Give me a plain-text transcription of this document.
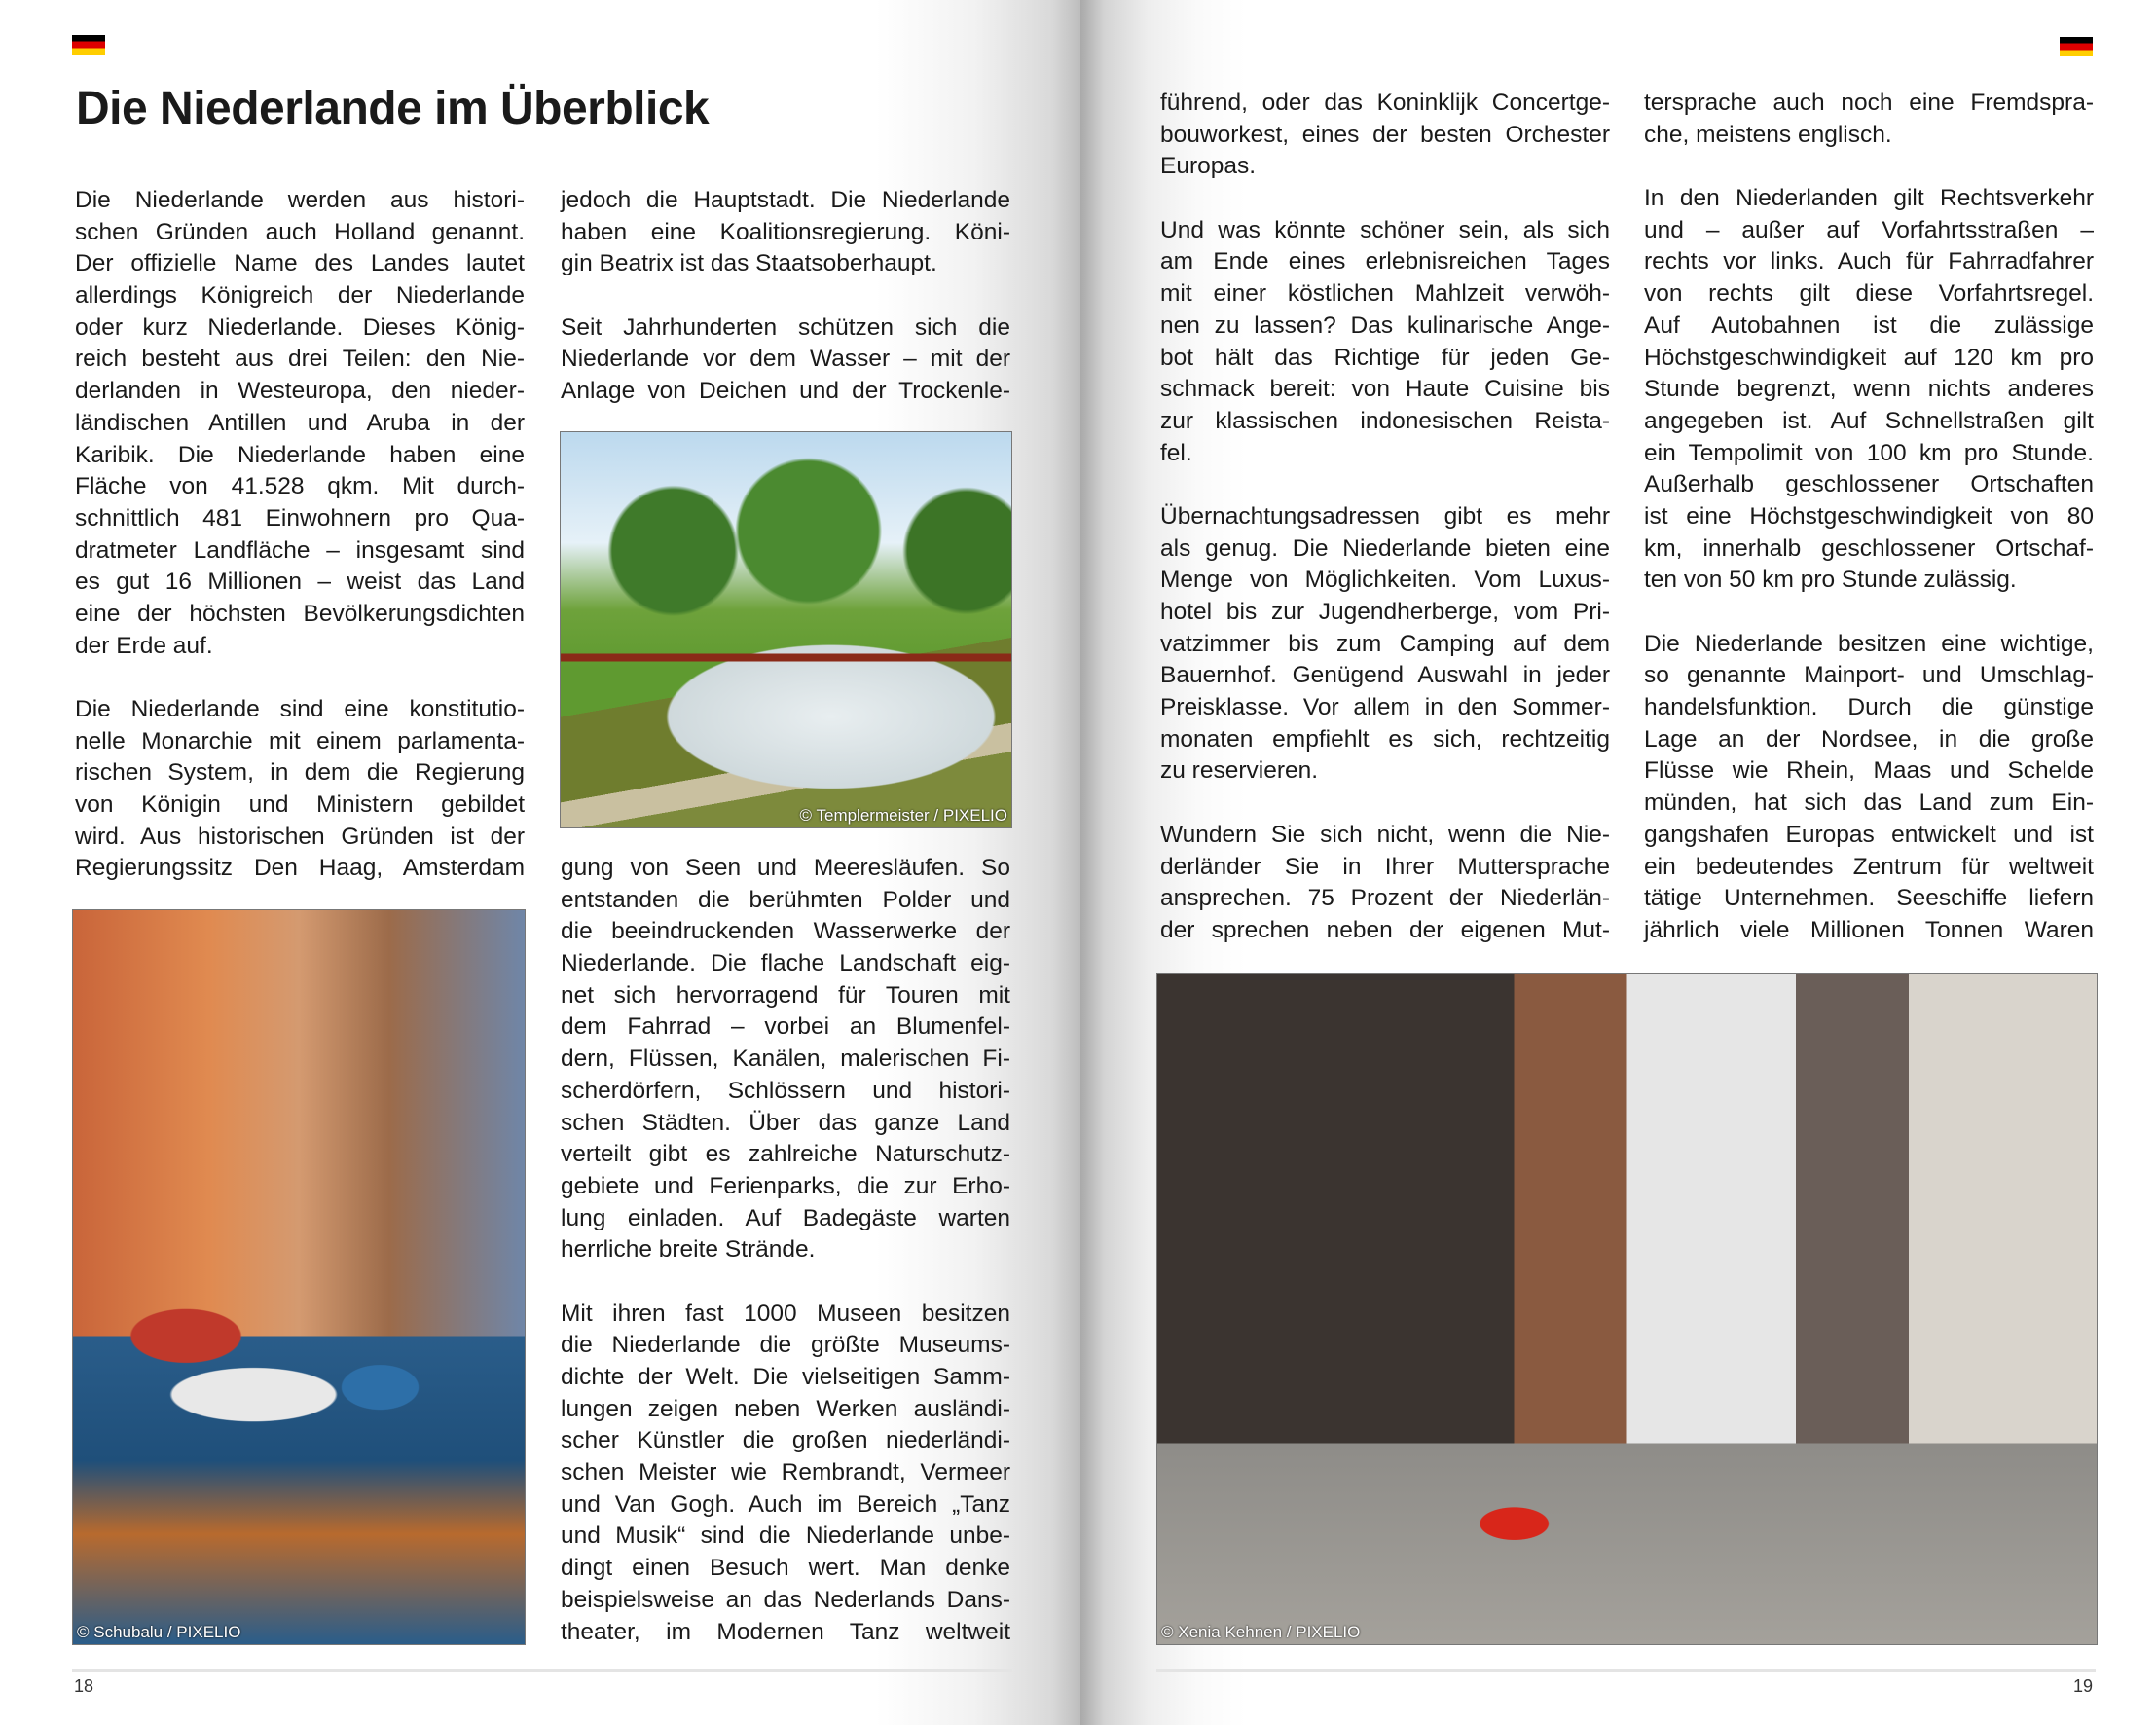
Die Niederlande im Überblick
Die Niederlande werden aus histori-
schen Gründen auch Holland genannt.
Der offizielle Name des Landes lautet
allerdings Königreich der Niederlande
oder kurz Niederlande. Dieses König-
reich besteht aus drei Teilen: den Nie-
derlanden in Westeuropa, den nieder-
ländischen Antillen und Aruba in der
Karibik. Die Niederlande haben eine
Fläche von 41.528 qkm. Mit durch-
schnittlich 481 Einwohnern pro Qua-
dratmeter Landfläche – insgesamt sind
es gut 16 Millionen – weist das Land
eine der höchsten Bevölkerungsdichten
der Erde auf.
Die Niederlande sind eine konstitutio-
nelle Monarchie mit einem parlamenta-
rischen System, in dem die Regierung
von Königin und Ministern gebildet
wird. Aus historischen Gründen ist der
Regierungssitz Den Haag, Amsterdam
jedoch die Hauptstadt. Die Niederlande
haben eine Koalitionsregierung. Köni-
gin Beatrix ist das Staatsoberhaupt.
Seit Jahrhunderten schützen sich die
Niederlande vor dem Wasser – mit der
Anlage von Deichen und der Trockenle-
gung von Seen und Meeresläufen. So
entstanden die berühmten Polder und
die beeindruckenden Wasserwerke der
Niederlande. Die flache Landschaft eig-
net sich hervorragend für Touren mit
dem Fahrrad – vorbei an Blumenfel-
dern, Flüssen, Kanälen, malerischen Fi-
scherdörfern, Schlössern und histori-
schen Städten. Über das ganze Land
verteilt gibt es zahlreiche Naturschutz-
gebiete und Ferienparks, die zur Erho-
lung einladen. Auf Badegäste warten
herrliche breite Strände.
Mit ihren fast 1000 Museen besitzen
die Niederlande die größte Museums-
dichte der Welt. Die vielseitigen Samm-
lungen zeigen neben Werken ausländi-
scher Künstler die großen niederländi-
schen Meister wie Rembrandt, Vermeer
und Van Gogh. Auch im Bereich „Tanz
und Musik“ sind die Niederlande unbe-
dingt einen Besuch wert. Man denke
beispielsweise an das Nederlands Dans-
theater, im Modernen Tanz weltweit
© Templermeister / PIXELIO
© Schubalu / PIXELIO
18
führend, oder das Koninklijk Concertge-
bouworkest, eines der besten Orchester
Europas.
Und was könnte schöner sein, als sich
am Ende eines erlebnisreichen Tages
mit einer köstlichen Mahlzeit verwöh-
nen zu lassen? Das kulinarische Ange-
bot hält das Richtige für jeden Ge-
schmack bereit: von Haute Cuisine bis
zur klassischen indonesischen Reista-
fel.
Übernachtungsadressen gibt es mehr
als genug. Die Niederlande bieten eine
Menge von Möglichkeiten. Vom Luxus-
hotel bis zur Jugendherberge, vom Pri-
vatzimmer bis zum Camping auf dem
Bauernhof. Genügend Auswahl in jeder
Preisklasse. Vor allem in den Sommer-
monaten empfiehlt es sich, rechtzeitig
zu reservieren.
Wundern Sie sich nicht, wenn die Nie-
derländer Sie in Ihrer Muttersprache
ansprechen. 75 Prozent der Niederlän-
der sprechen neben der eigenen Mut-
tersprache auch noch eine Fremdspra-
che, meistens englisch.
In den Niederlanden gilt Rechtsverkehr
und – außer auf Vorfahrtsstraßen –
rechts vor links. Auch für Fahrradfahrer
von rechts gilt diese Vorfahrtsregel.
Auf Autobahnen ist die zulässige
Höchstgeschwindigkeit auf 120 km pro
Stunde begrenzt, wenn nichts anderes
angegeben ist. Auf Schnellstraßen gilt
ein Tempolimit von 100 km pro Stunde.
Außerhalb geschlossener Ortschaften
ist eine Höchstgeschwindigkeit von 80
km, innerhalb geschlossener Ortschaf-
ten von 50 km pro Stunde zulässig.
Die Niederlande besitzen eine wichtige,
so genannte Mainport- und Umschlag-
handelsfunktion. Durch die günstige
Lage an der Nordsee, in die große
Flüsse wie Rhein, Maas und Schelde
münden, hat sich das Land zum Ein-
gangshafen Europas entwickelt und ist
ein bedeutendes Zentrum für weltweit
tätige Unternehmen. Seeschiffe liefern
jährlich viele Millionen Tonnen Waren
© Xenia Kehnen / PIXELIO
19
